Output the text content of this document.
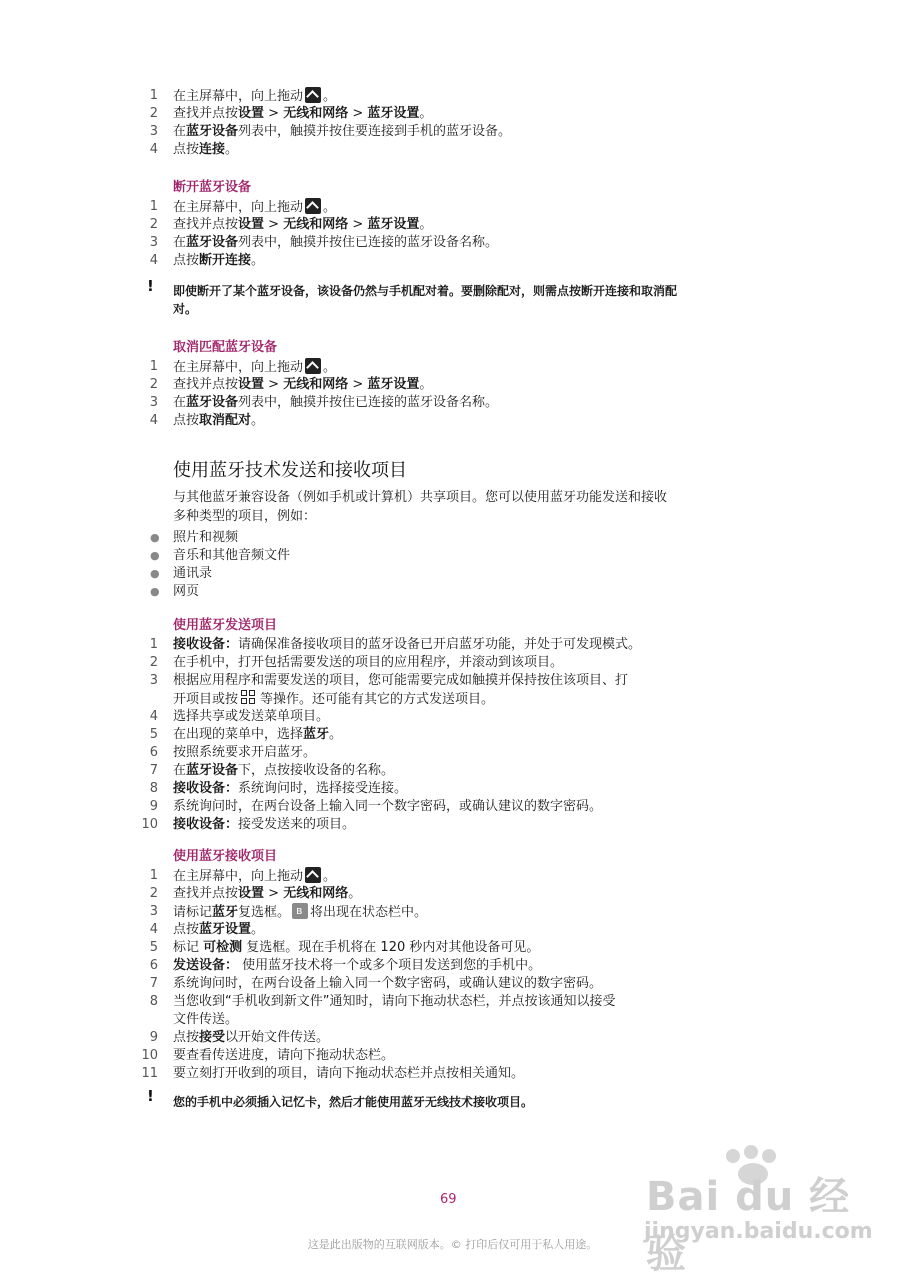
1 在主屏幕中，向上拖动 。
2 查找并点按设置 > 无线和网络 > 蓝牙设置。
3 在蓝牙设备列表中，触摸并按住要连接到手机的蓝牙设备。
4 点按连接。
断开蓝牙设备
1 在主屏幕中，向上拖动 。
2 查找并点按设置 > 无线和网络 > 蓝牙设置。
3 在蓝牙设备列表中，触摸并按住已连接的蓝牙设备名称。
4 点按断开连接。
! 即使断开了某个蓝牙设备，该设备仍然与手机配对着。要删除配对，则需点按断开连接和取消配
对。
取消匹配蓝牙设备
1 在主屏幕中，向上拖动 。
2 查找并点按设置 > 无线和网络 > 蓝牙设置。
3 在蓝牙设备列表中，触摸并按住已连接的蓝牙设备名称。
4 点按取消配对。
使用蓝牙技术发送和接收项目
与其他蓝牙兼容设备（例如手机或计算机）共享项目。您可以使用蓝牙功能发送和接收
多种类型的项目，例如：
● 照片和视频
● 音乐和其他音频文件
● 通讯录
● 网页
使用蓝牙发送项目
1 接收设备：请确保准备接收项目的蓝牙设备已开启蓝牙功能，并处于可发现模式。
2 在手机中，打开包括需要发送的项目的应用程序，并滚动到该项目。
3 根据应用程序和需要发送的项目，您可能需要完成如触摸并保持按住该项目、打
开项目或按 等操作。还可能有其它的方式发送项目。
4 选择共享或发送菜单项目。
5 在出现的菜单中，选择蓝牙。
6 按照系统要求开启蓝牙。
7 在蓝牙设备下，点按接收设备的名称。
8 接收设备：系统询问时，选择接受连接。
9 系统询问时，在两台设备上输入同一个数字密码，或确认建议的数字密码。
10 接收设备：接受发送来的项目。
使用蓝牙接收项目
1 在主屏幕中，向上拖动 。
2 查找并点按设置 > 无线和网络。
3 请标记蓝牙复选框。ʙ 将出现在状态栏中。
4 点按蓝牙设置。
5 标记 可检测 复选框。现在手机将在 120 秒内对其他设备可见。
6 发送设备： 使用蓝牙技术将一个或多个项目发送到您的手机中。
7 系统询问时，在两台设备上输入同一个数字密码，或确认建议的数字密码。
8 当您收到“手机收到新文件”通知时，请向下拖动状态栏，并点按该通知以接受
文件传送。
9 点按接受以开始文件传送。
10 要查看传送进度，请向下拖动状态栏。
11 要立刻打开收到的项目，请向下拖动状态栏并点按相关通知。
! 您的手机中必须插入记忆卡，然后才能使用蓝牙无线技术接收项目。
Bai du 经验
jingyan.baidu.com
69
这是此出版物的互联网版本。© 打印后仅可用于私人用途。
